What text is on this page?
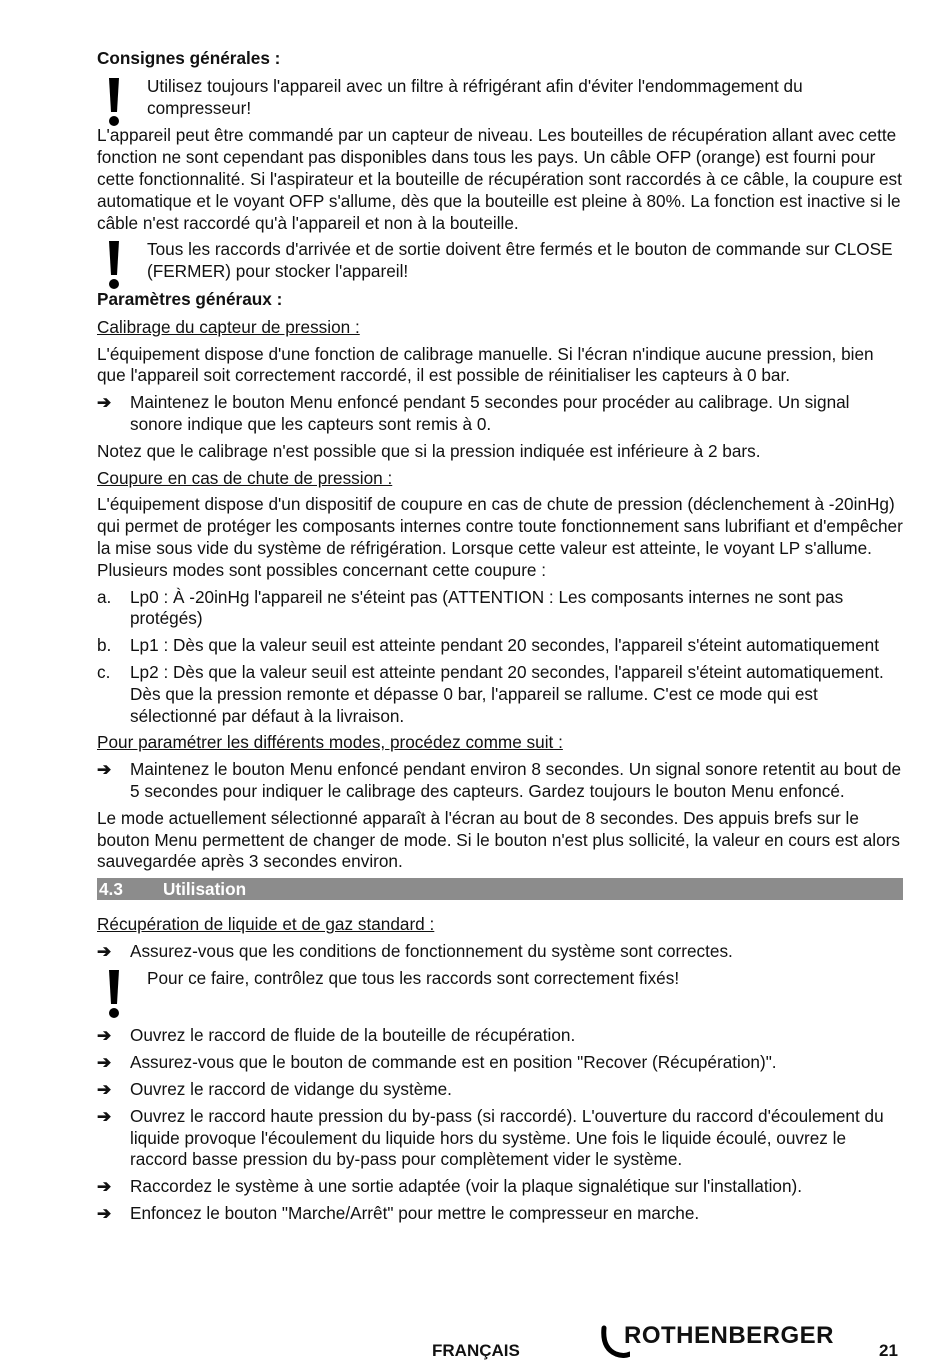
Consignes générales :

Utilisez toujours l'appareil avec un filtre à réfrigérant afin d'éviter l'endommagement du compresseur!

L'appareil peut être commandé par un capteur de niveau. Les bouteilles de récupération allant avec cette fonction ne sont cependant pas disponibles dans tous les pays. Un câble OFP (orange) est fourni pour cette fonctionnalité. Si l'aspirateur et la bouteille de récupération sont raccordés à ce câble, la coupure est automatique et le voyant OFP s'allume, dès que la bouteille est pleine à 80%. La fonction est inactive si le câble n'est raccordé qu'à l'appareil et non à la bouteille.

Tous les raccords d'arrivée et de sortie doivent être fermés et le bouton de commande sur CLOSE (FERMER) pour stocker l'appareil!

Paramètres généraux :

Calibrage du capteur de pression :

L'équipement dispose d'une fonction de calibrage manuelle. Si l'écran n'indique aucune pression, bien que l'appareil soit correctement raccordé, il est possible de réinitialiser les capteurs à 0 bar.

➔	Maintenez le bouton Menu enfoncé pendant 5 secondes pour procéder au calibrage. Un signal sonore indique que les capteurs sont remis à 0.

Notez que le calibrage n'est possible que si la pression indiquée est inférieure à 2 bars.

Coupure en cas de chute de pression :

L'équipement dispose d'un dispositif de coupure en cas de chute de pression (déclenchement à -20inHg) qui permet de protéger les composants internes contre toute fonctionnement sans lubrifiant et d'empêcher la mise sous vide du système de réfrigération. Lorsque cette valeur est atteinte, le voyant LP s'allume. Plusieurs modes sont possibles concernant cette coupure :

a. Lp0 : À -20inHg l'appareil ne s'éteint pas (ATTENTION : Les composants internes ne sont pas protégés)
b. Lp1 : Dès que la valeur seuil est atteinte pendant 20 secondes, l'appareil s'éteint automatiquement
c. Lp2 : Dès que la valeur seuil est atteinte pendant 20 secondes, l'appareil s'éteint automatiquement. Dès que la pression remonte et dépasse 0 bar, l'appareil se rallume. C'est ce mode qui est sélectionné par défaut à la livraison.

Pour paramétrer les différents modes, procédez comme suit :

➔	Maintenez le bouton Menu enfoncé pendant environ 8 secondes. Un signal sonore retentit au bout de 5 secondes pour indiquer le calibrage des capteurs. Gardez toujours le bouton Menu enfoncé.

Le mode actuellement sélectionné apparaît à l'écran au bout de 8 secondes. Des appuis brefs sur le bouton Menu permettent de changer de mode. Si le bouton n'est plus sollicité, la valeur en cours est alors sauvegardée après 3 secondes environ.

4.3 Utilisation

Récupération de liquide et de gaz standard :

➔	Assurez-vous que les conditions de fonctionnement du système sont correctes.
Pour ce faire, contrôlez que tous les raccords sont correctement fixés!
➔	Ouvrez le raccord de fluide de la bouteille de récupération.
➔	Assurez-vous que le bouton de commande est en position "Recover (Récupération)".
➔	Ouvrez le raccord de vidange du système.
➔	Ouvrez le raccord haute pression du by-pass (si raccordé). L'ouverture du raccord d'écoulement du liquide provoque l'écoulement du liquide hors du système. Une fois le liquide écoulé, ouvrez le raccord basse pression du by-pass pour complètement vider le système.
➔	Raccordez le système à une sortie adaptée (voir la plaque signalétique sur l'installation).
➔	Enfoncez le bouton "Marche/Arrêt" pour mettre le compresseur en marche.
FRANÇAIS
ROTHENBERGER
21
